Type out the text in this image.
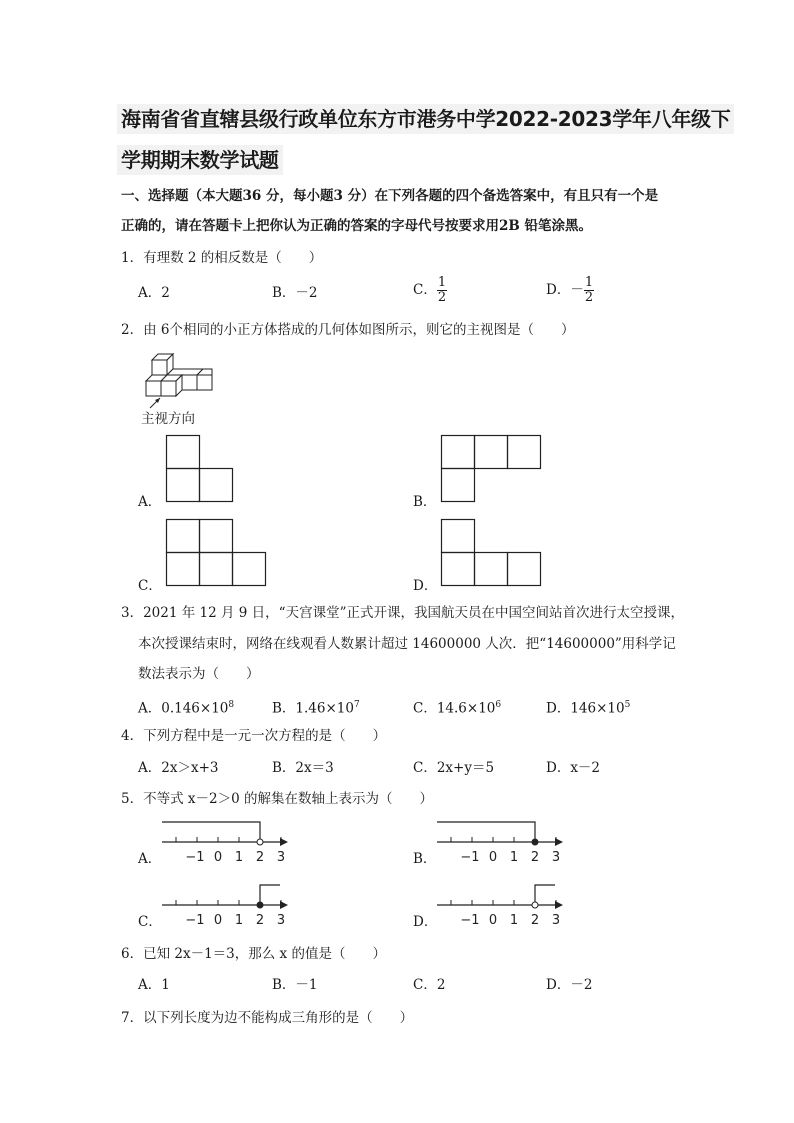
海南省省直辖县级行政单位东方市港务中学2022-2023学年八年级下
学期期末数学试题
一、选择题（本大题36 分，每小题3 分）在下列各题的四个备选答案中，有且只有一个是
正确的，请在答题卡上把你认为正确的答案的字母代号按要求用2B 铅笔涂黑。
1．有理数 2 的相反数是（　　）
A．2	B．－2	C． $\frac{1}{2}$	D．－ $\frac{1}{2}$
2．由 6个相同的小正方体搭成的几何体如图所示，则它的主视图是（　　）
主视方向
A．	B．
C．	D．
3．2021 年 12 月 9 日，“天宫课堂”正式开课，我国航天员在中国空间站首次进行太空授课，
本次授课结束时，网络在线观看人数累计超过 14600000 人次．把“14600000”用科学记
数法表示为（　　）
A．$0.146\times 10^8$	B．$1.46\times 10^7$	C．$14.6\times 10^6$	D．$146\times 10^5$
4．下列方程中是一元一次方程的是（　　）
A．2x＞x+3	B．2x＝3	C．2x+y＝5	D．x－2
5．不等式 x－2＞0 的解集在数轴上表示为（　　）
A． −1 0 1 2 3	B． −1 0 1 2 3
C． −1 0 1 2 3	D． −1 0 1 2 3
6．已知 2x－1＝3，那么 x 的值是（　　）
A．1	B．－1	C．2	D．－2
7．以下列长度为边不能构成三角形的是（　　）
